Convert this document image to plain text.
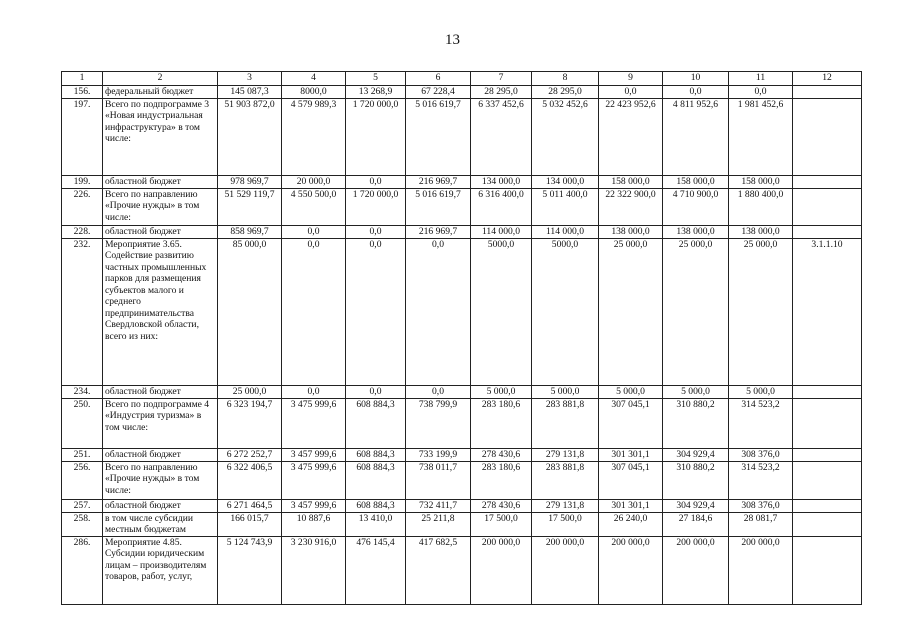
13
1	2	3	4	5	6	7	8	9	10	11	12
156.	федеральный бюджет	145 087,3	8000,0	13 268,9	67 228,4	28 295,0	28 295,0	0,0	0,0	0,0	
197.	Всего по подпрограмме 3 «Новая индустриальная инфраструктура» в том числе:	51 903 872,0	4 579 989,3	1 720 000,0	5 016 619,7	6 337 452,6	5 032 452,6	22 423 952,6	4 811 952,6	1 981 452,6	
199.	областной бюджет	978 969,7	20 000,0	0,0	216 969,7	134 000,0	134 000,0	158 000,0	158 000,0	158 000,0	
226.	Всего по направлению «Прочие нужды» в том числе:	51 529 119,7	4 550 500,0	1 720 000,0	5 016 619,7	6 316 400,0	5 011 400,0	22 322 900,0	4 710 900,0	1 880 400,0	
228.	областной бюджет	858 969,7	0,0	0,0	216 969,7	114 000,0	114 000,0	138 000,0	138 000,0	138 000,0	
232.	Мероприятие 3.65. Содействие развитию частных промышленных парков для размещения субъектов малого и среднего предпринимательства Свердловской области, всего из них:	85 000,0	0,0	0,0	0,0	5000,0	5000,0	25 000,0	25 000,0	25 000,0	3.1.1.10
234.	областной бюджет	25 000,0	0,0	0,0	0,0	5 000,0	5 000,0	5 000,0	5 000,0	5 000,0	
250.	Всего по подпрограмме 4 «Индустрия туризма» в том числе:	6 323 194,7	3 475 999,6	608 884,3	738 799,9	283 180,6	283 881,8	307 045,1	310 880,2	314 523,2	
251.	областной бюджет	6 272 252,7	3 457 999,6	608 884,3	733 199,9	278 430,6	279 131,8	301 301,1	304 929,4	308 376,0	
256.	Всего по направлению «Прочие нужды» в том числе:	6 322 406,5	3 475 999,6	608 884,3	738 011,7	283 180,6	283 881,8	307 045,1	310 880,2	314 523,2	
257.	областной бюджет	6 271 464,5	3 457 999,6	608 884,3	732 411,7	278 430,6	279 131,8	301 301,1	304 929,4	308 376,0	
258.	в том числе субсидии местным бюджетам	166 015,7	10 887,6	13 410,0	25 211,8	17 500,0	17 500,0	26 240,0	27 184,6	28 081,7	
286.	Мероприятие 4.85. Субсидии юридическим лицам – производителям товаров, работ, услуг,	5 124 743,9	3 230 916,0	476 145,4	417 682,5	200 000,0	200 000,0	200 000,0	200 000,0	200 000,0	
